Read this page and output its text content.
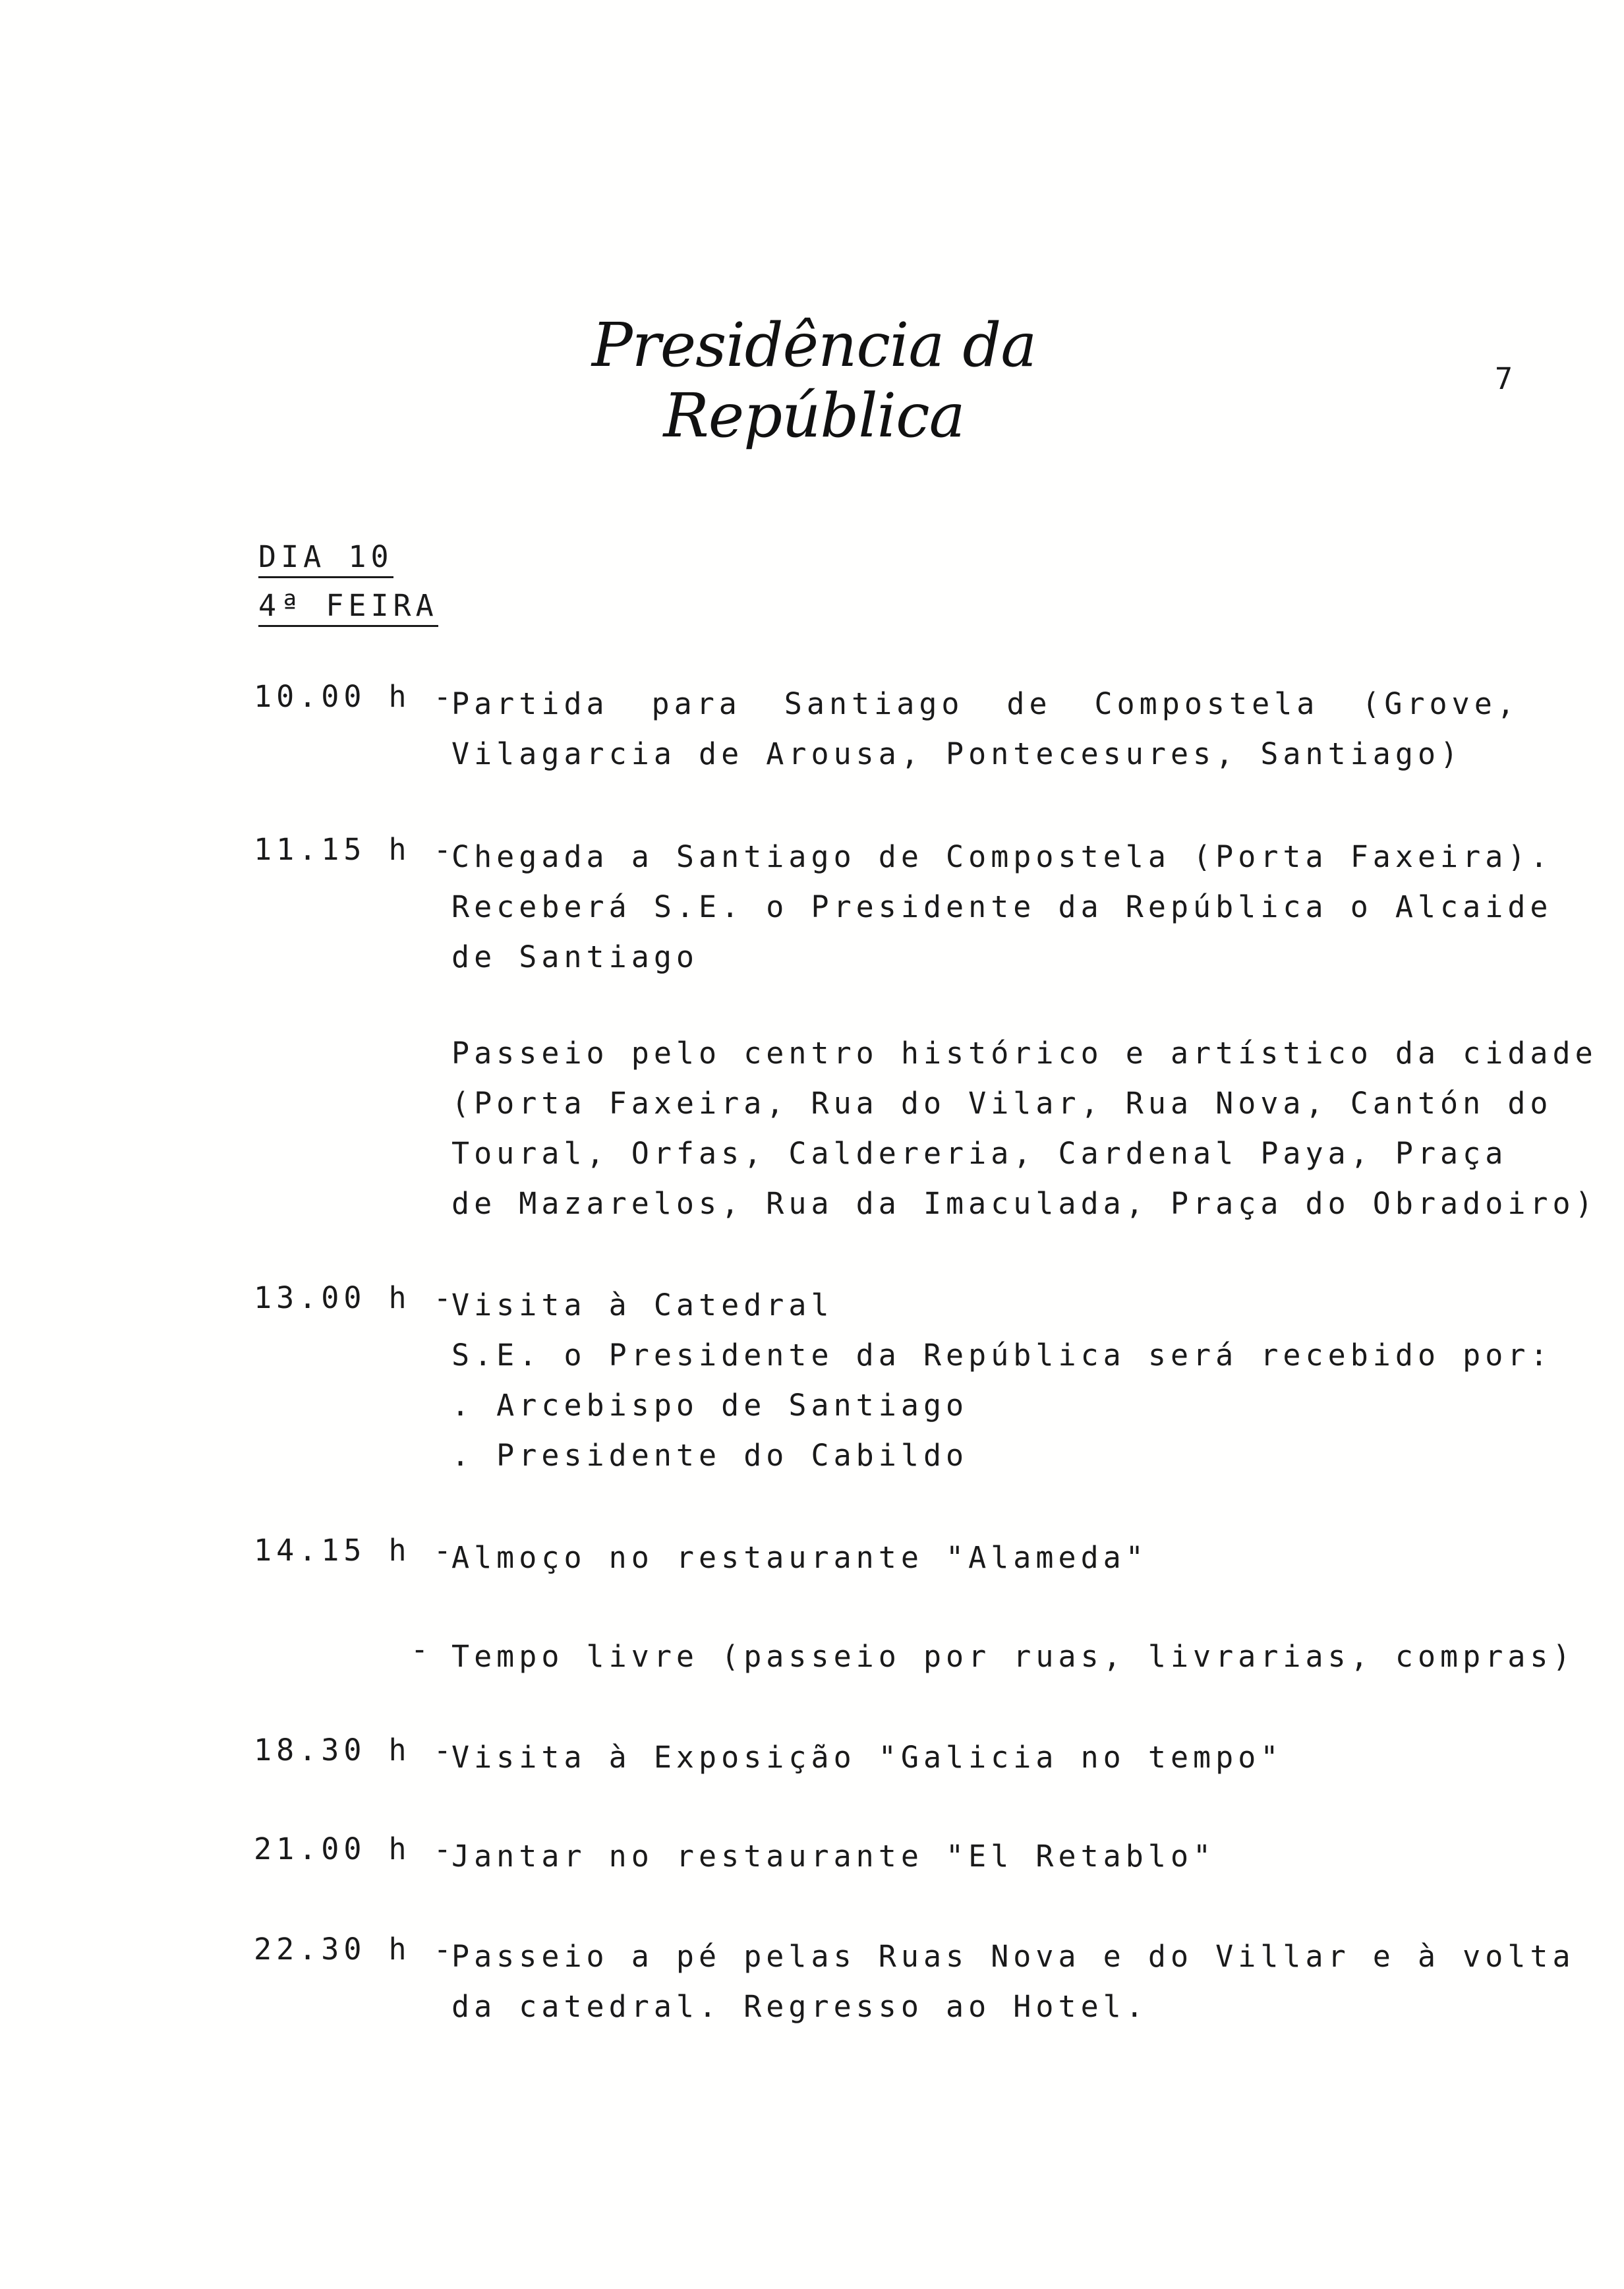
Presidência da República
7
DIA 10
4ª FEIRA
10.00 h -
Partida para Santiago de Compostela (Grove,
Vilagarcia de Arousa, Pontecesures, Santiago)
11.15 h -
Chegada a Santiago de Compostela (Porta Faxeira).
Receberá S.E. o Presidente da República o Alcaide
de Santiago
Passeio pelo centro histórico e artístico da cidade
(Porta Faxeira, Rua do Vilar, Rua Nova, Cantón do
Toural, Orfas, Caldereria, Cardenal Paya, Praça
de Mazarelos, Rua da Imaculada, Praça do Obradoiro)
13.00 h -
Visita à Catedral
S.E. o Presidente da República será recebido por:
. Arcebispo de Santiago
. Presidente do Cabildo
14.15 h -
Almoço no restaurante "Alameda"
- Tempo livre (passeio por ruas, livrarias, compras)
18.30 h -
Visita à Exposição "Galicia no tempo"
21.00 h -
Jantar no restaurante "El Retablo"
22.30 h -
Passeio a pé pelas Ruas Nova e do Villar e à volta
da catedral. Regresso ao Hotel.
